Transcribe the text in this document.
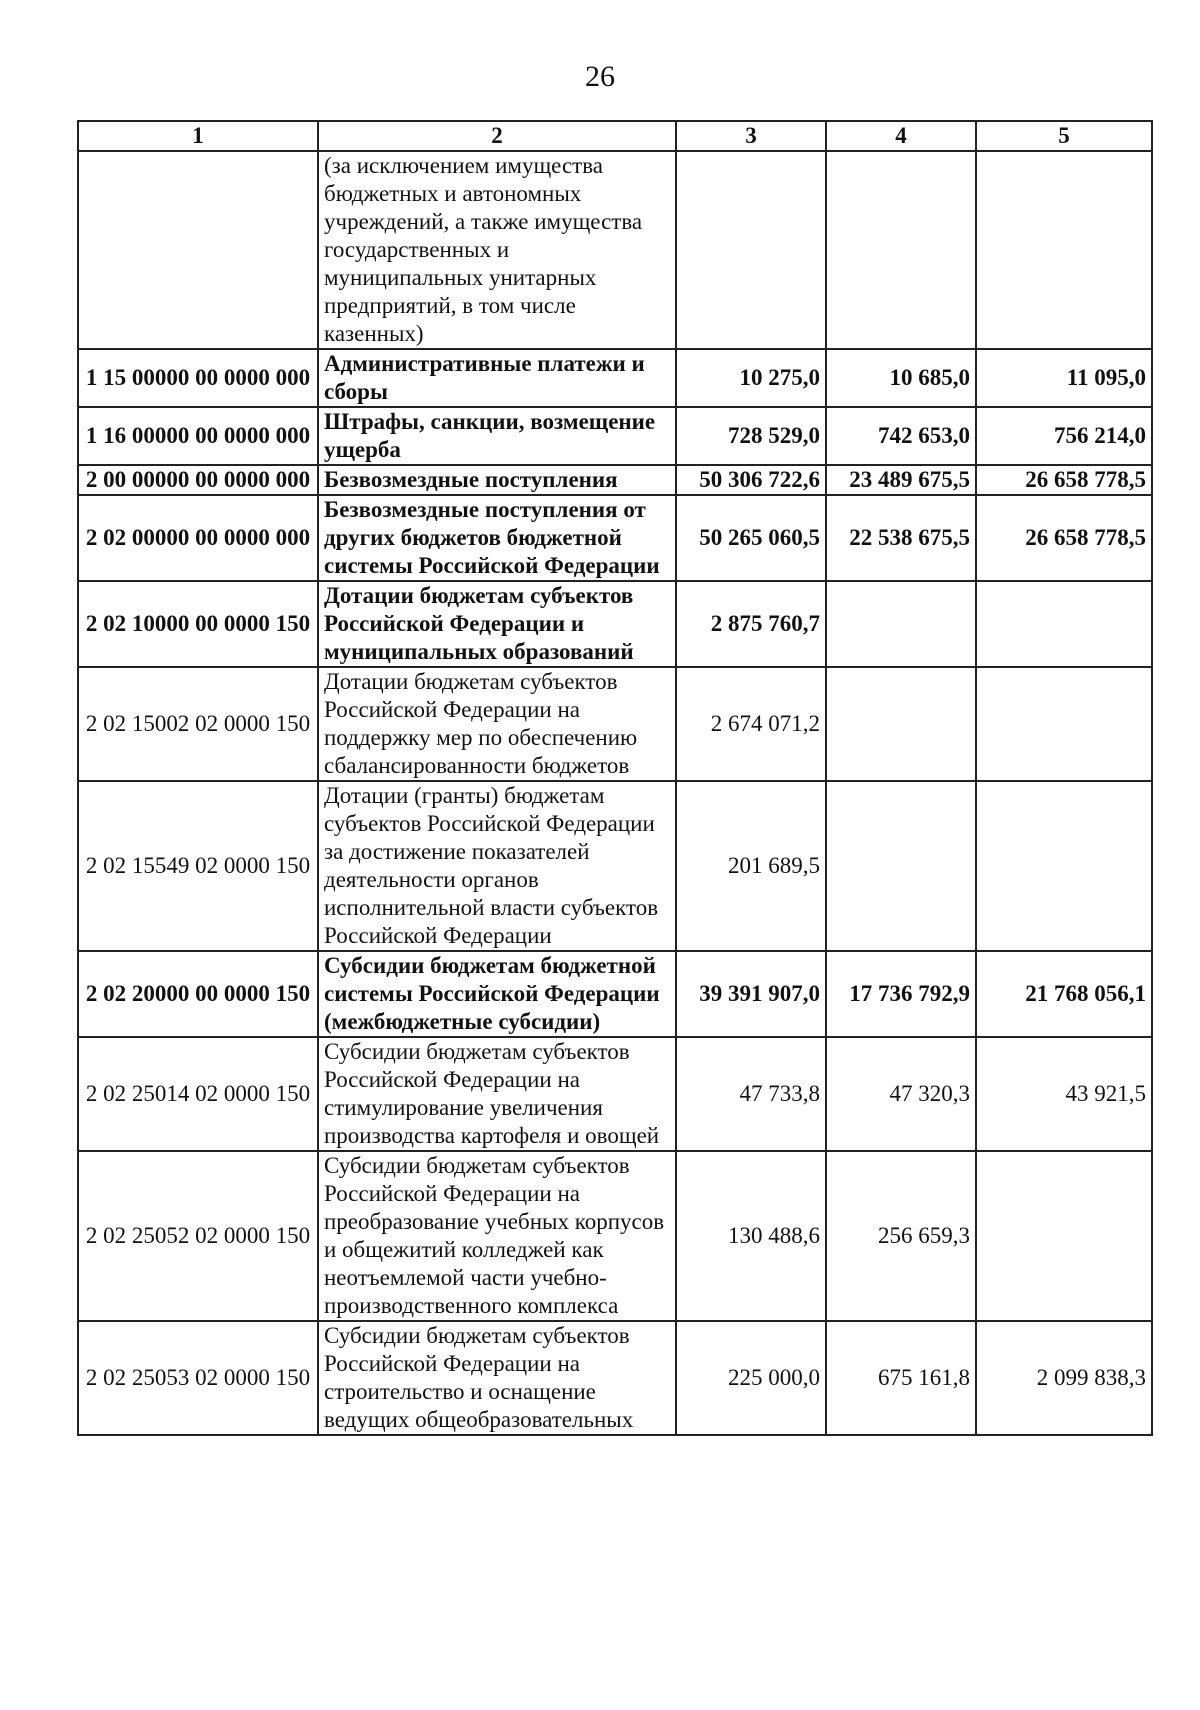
26
1	2	3	4	5
	(за исключением имущества бюджетных и автономных учреждений, а также имущества государственных и муниципальных унитарных предприятий, в том числе казенных)			
1 15 00000 00 0000 000	Административные платежи и сборы	10 275,0	10 685,0	11 095,0
1 16 00000 00 0000 000	Штрафы, санкции, возмещение ущерба	728 529,0	742 653,0	756 214,0
2 00 00000 00 0000 000	Безвозмездные поступления	50 306 722,6	23 489 675,5	26 658 778,5
2 02 00000 00 0000 000	Безвозмездные поступления от других бюджетов бюджетной системы Российской Федерации	50 265 060,5	22 538 675,5	26 658 778,5
2 02 10000 00 0000 150	Дотации бюджетам субъектов Российской Федерации и муниципальных образований	2 875 760,7		
2 02 15002 02 0000 150	Дотации бюджетам субъектов Российской Федерации на поддержку мер по обеспечению сбалансированности бюджетов	2 674 071,2		
2 02 15549 02 0000 150	Дотации (гранты) бюджетам субъектов Российской Федерации за достижение показателей деятельности органов исполнительной власти субъектов Российской Федерации	201 689,5		
2 02 20000 00 0000 150	Субсидии бюджетам бюджетной системы Российской Федерации (межбюджетные субсидии)	39 391 907,0	17 736 792,9	21 768 056,1
2 02 25014 02 0000 150	Субсидии бюджетам субъектов Российской Федерации на стимулирование увеличения производства картофеля и овощей	47 733,8	47 320,3	43 921,5
2 02 25052 02 0000 150	Субсидии бюджетам субъектов Российской Федерации на преобразование учебных корпусов и общежитий колледжей как неотъемлемой части учебно-производственного комплекса	130 488,6	256 659,3	
2 02 25053 02 0000 150	Субсидии бюджетам субъектов Российской Федерации на строительство и оснащение ведущих общеобразовательных	225 000,0	675 161,8	2 099 838,3
